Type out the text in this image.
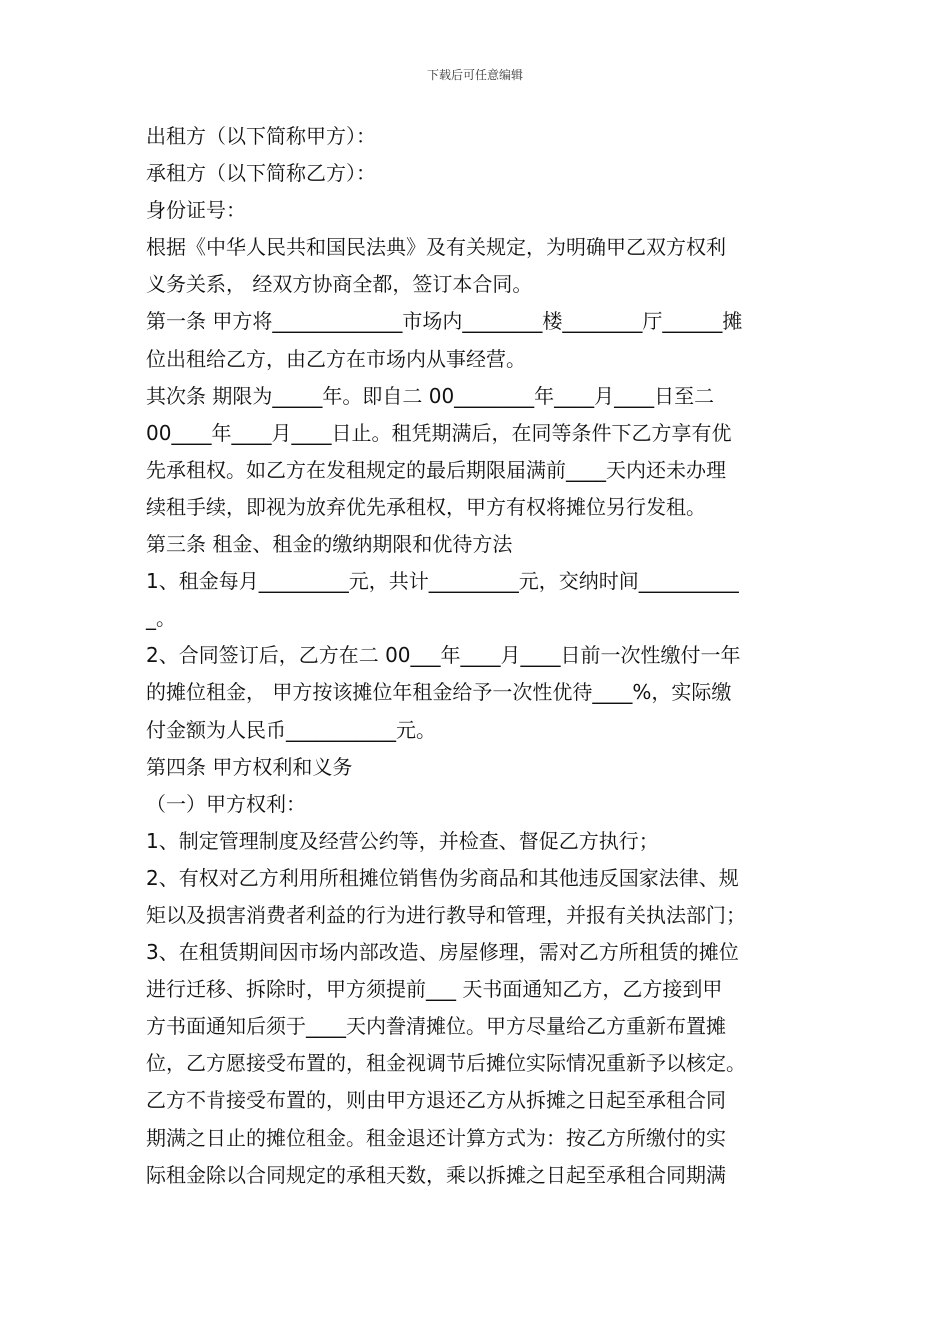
下载后可任意编辑
出租方（以下简称甲方）：
承租方（以下简称乙方）：
身份证号：
根据《中华人民共和国民法典》及有关规定，为明确甲乙双方权利
义务关系， 经双方协商全都，签订本合同。
第一条 甲方将_____________市场内________楼________厅______摊
位出租给乙方，由乙方在市场内从事经营。
其次条 期限为_____年。即自二 00________年____月____日至二
00____年____月____日止。租凭期满后，在同等条件下乙方享有优
先承租权。如乙方在发租规定的最后期限届满前____天内还未办理
续租手续，即视为放弃优先承租权，甲方有权将摊位另行发租。
第三条 租金、租金的缴纳期限和优待方法
1、租金每月_________元，共计_________元，交纳时间__________
_。
2、合同签订后，乙方在二 00___年____月____日前一次性缴付一年
的摊位租金， 甲方按该摊位年租金给予一次性优待____%，实际缴
付金额为人民币___________元。
第四条 甲方权利和义务
（一）甲方权利：
1、制定管理制度及经营公约等，并检查、督促乙方执行；
2、有权对乙方利用所租摊位销售伪劣商品和其他违反国家法律、规
矩以及损害消费者利益的行为进行教导和管理，并报有关执法部门；
3、在租赁期间因市场内部改造、房屋修理，需对乙方所租赁的摊位
进行迁移、拆除时，甲方须提前___ 天书面通知乙方，乙方接到甲
方书面通知后须于____天内誊清摊位。甲方尽量给乙方重新布置摊
位，乙方愿接受布置的，租金视调节后摊位实际情况重新予以核定。
乙方不肯接受布置的，则由甲方退还乙方从拆摊之日起至承租合同
期满之日止的摊位租金。租金退还计算方式为：按乙方所缴付的实
际租金除以合同规定的承租天数，乘以拆摊之日起至承租合同期满
